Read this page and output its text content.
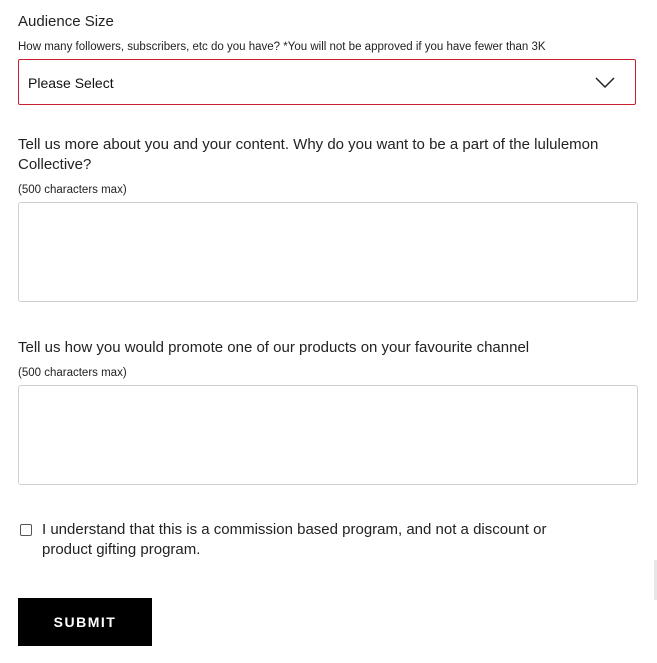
Audience Size
How many followers, subscribers, etc do you have? *You will not be approved if you have fewer than 3K
Please Select
Tell us more about you and your content. Why do you want to be a part of the lululemon Collective?
(500 characters max)
Tell us how you would promote one of our products on your favourite channel
(500 characters max)
I understand that this is a commission based program, and not a discount or product gifting program.
SUBMIT
